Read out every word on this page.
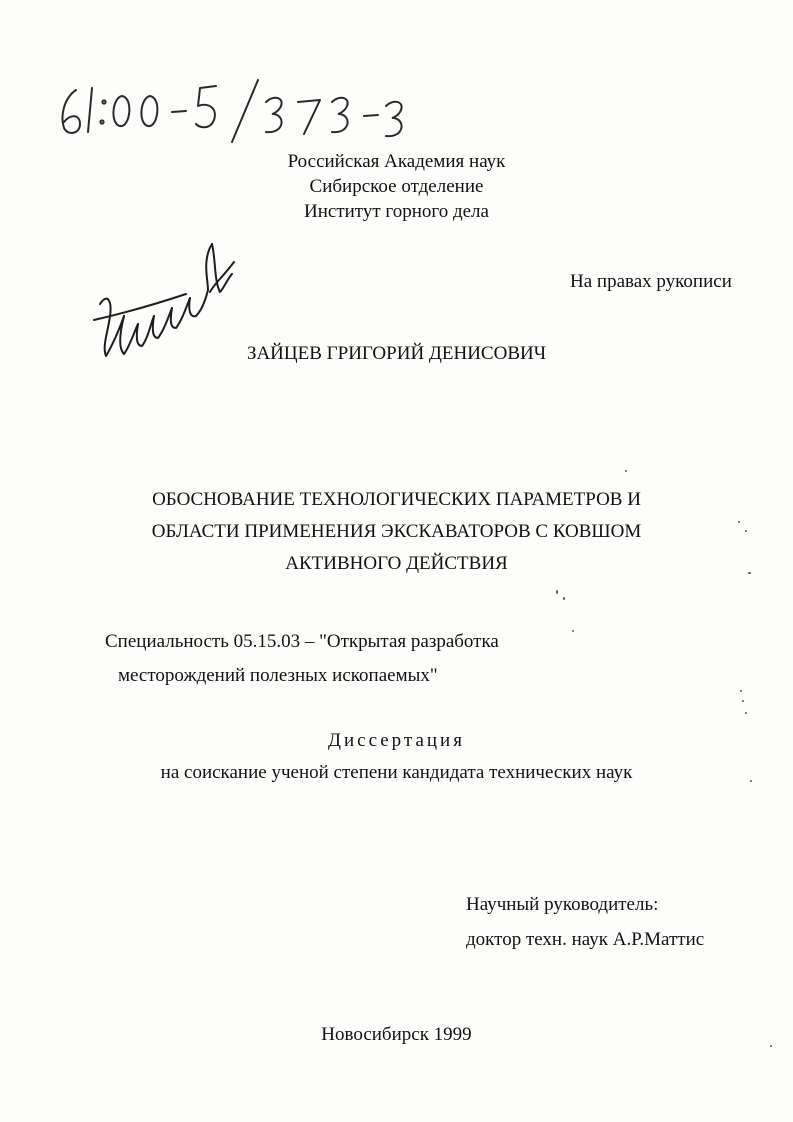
Российская Академия наук
Сибирское отделение
Институт горного дела
На правах рукописи
ЗАЙЦЕВ ГРИГОРИЙ ДЕНИСОВИЧ
ОБОСНОВАНИЕ ТЕХНОЛОГИЧЕСКИХ ПАРАМЕТРОВ И
ОБЛАСТИ ПРИМЕНЕНИЯ ЭКСКАВАТОРОВ С КОВШОМ
АКТИВНОГО ДЕЙСТВИЯ
Специальность 05.15.03 – "Открытая разработка
месторождений полезных ископаемых"
Диссертация
на соискание ученой степени кандидата технических наук
Научный руководитель:
доктор техн. наук А.Р.Маттис
Новосибирск 1999
